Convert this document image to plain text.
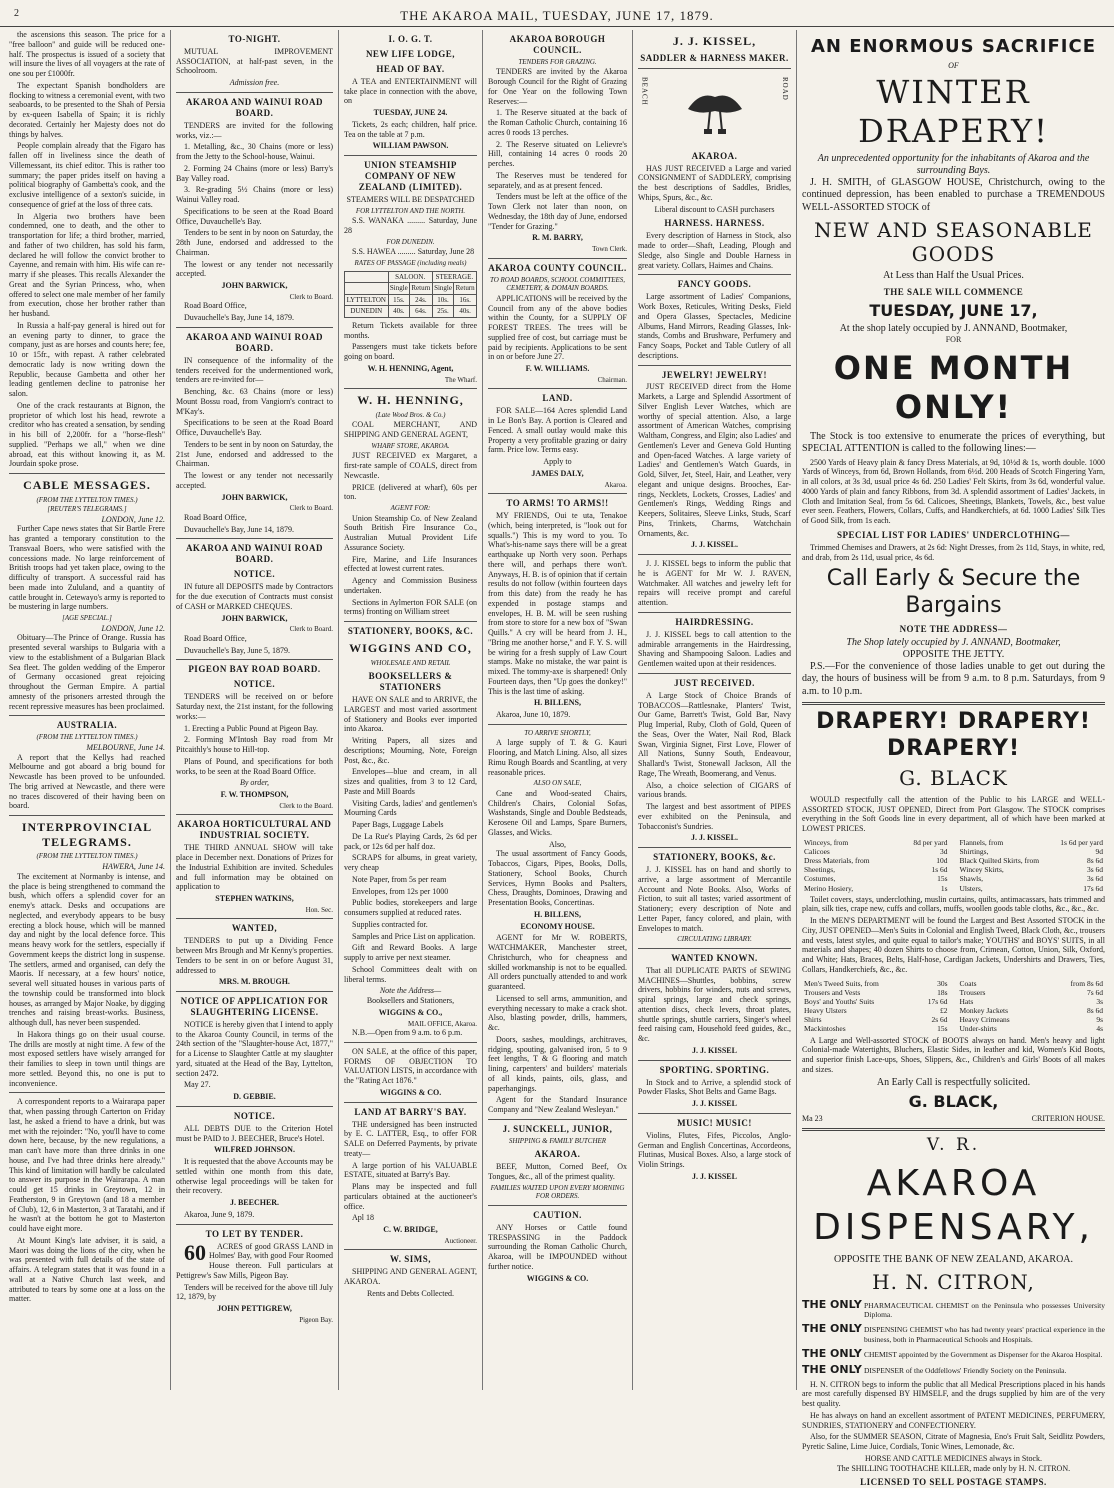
2	THE AKAROA MAIL, TUESDAY, JUNE 17, 1879.

the ascensions this season. The price for a "free balloon" and guide will be reduced one-half. The prospectus is issued of a society that will insure the lives of all voyagers at the rate of one sou per £1000fr.

The expectant Spanish bondholders are flocking to witness a ceremonial event, with two seaboards, to be presented to the Shah of Persia by ex-queen Isabella of Spain; it is richly decorated. Certainly her Majesty does not do things by halves.

People complain already that the Figaro has fallen off in liveliness since the death of Villemessant, its chief editor. This is rather too summary; the paper prides itself on having a political biography of Gambetta's cook, and the exclusive intelligence of a sexton's suicide, in consequence of grief at the loss of three cats.

In Algeria two brothers have been condemned, one to death, and the other to transportation for life; a third brother, married, and father of two children, has sold his farm, declared he will follow the convict brother to Cayenne, and remain with him. His wife can re-marry if she pleases. This recalls Alexander the Great and the Syrian Princess, who, when offered to select one male member of her family from execution, chose her brother rather than her husband.

In Russia a half-pay general is hired out for an evening party to dinner, to grace the company, just as are horses and counts here; fee, 10 or 15fr., with repast. A rather celebrated democratic lady is now writing down the Republic, because Gambetta and other her leading gentlemen decline to patronise her salon.

One of the crack restaurants at Bignon, the proprietor of which lost his head, rewrote a creditor who has created a sensation, by sending in his bill of 2,200fr. for a "horse-flesh" supplied. "Perhaps we all," when we dine abroad, eat this without knowing it, as M. Jourdain spoke prose.

CABLE MESSAGES.
(FROM THE LYTTELTON TIMES.)
[REUTER'S TELEGRAMS.]
LONDON, June 12.

Further Cape news states that Sir Bartle Frere has granted a temporary constitution to the Transvaal Boers, who were satisfied with the concessions made. No large reinforcement of British troops had yet taken place, owing to the difficulty of transport. A successful raid has been made into Zululand, and a quantity of cattle brought in. Cetewayo's army is reported to be mustering in large numbers.

[AGE SPECIAL.]
LONDON, June 12.

Obituary—The Prince of Orange. Russia has presented several warships to Bulgaria with a view to the establishment of a Bulgarian Black Sea fleet. The golden wedding of the Emperor of Germany occasioned great rejoicing throughout the German Empire. A partial amnesty of the prisoners arrested through the recent repressive measures has been proclaimed.

AUSTRALIA.
(FROM THE LYTTELTON TIMES.)
MELBOURNE, June 14.

A report that the Kellys had reached Melbourne and got aboard a brig bound for Newcastle has been proved to be unfounded. The brig arrived at Newcastle, and there were no traces discovered of their having been on board.

INTERPROVINCIAL TELEGRAMS.
(FROM THE LYTTELTON TIMES.)
HAWERA, June 14.

The excitement at Normanby is intense, and the place is being strengthened to command the bush, which offers a splendid cover for an enemy's attack. Desks and occupations are neglected, and everybody appears to be busy erecting a block house, which will be manned day and night by the local defence force. This means heavy work for the settlers, especially if Government keeps the district long in suspense. The settlers, armed and organised, can defy the Maoris. If necessary, at a few hours' notice, several well situated houses in various parts of the township could be transformed into block houses, as arranged by Major Noake, by digging trenches and raising breast-works. Business, although dull, has never been suspended.

In Hakora things go on their usual course. The drills are mostly at night time. A few of the most exposed settlers have wisely arranged for their families to sleep in town until things are more settled. Beyond this, no one is put to inconvenience.

A correspondent reports to a Wairarapa paper that, when passing through Carterton on Friday last, he asked a friend to have a drink, but was met with the rejoinder: "No, you'll have to come down here, because, by the new regulations, a man can't have more than three drinks in one house, and I've had three drinks here already." This kind of limitation will hardly be calculated to answer its purpose in the Wairarapa. A man could get 15 drinks in Greytown, 12 in Featherston, 9 in Greytown (and 18 a member of Club), 12, 6 in Masterton, 3 at Taratahi, and if he wasn't at the bottom he got to Masterton could have eight more.

At Mount King's late adviser, it is said, a Maori was doing the lions of the city, when he was presented with full details of the state of affairs. A telegram states that it was found in a wall at a Native Church last week, and attributed to tears by some one at a loss on the matter.

TO-NIGHT.

MUTUAL IMPROVEMENT ASSOCIATION, at half-past seven, in the Schoolroom.

Admission free.
AKAROA AND WAINUI ROAD BOARD.

TENDERS are invited for the following works, viz.:—

1. Metalling, &c., 30 Chains (more or less) from the Jetty to the School-house, Wainui.

2. Forming 24 Chains (more or less) Barry's Bay Valley road.

3. Re-grading 5½ Chains (more or less) Wainui Valley road.

Specifications to be seen at the Road Board Office, Duvauchelle's Bay.

Tenders to be sent in by noon on Saturday, the 28th June, endorsed and addressed to the Chairman.

The lowest or any tender not necessarily accepted.

JOHN BARWICK,
Clerk to Board.

Road Board Office,

Duvauchelle's Bay, June 14, 1879.

AKAROA AND WAINUI ROAD BOARD.

IN consequence of the informality of the tenders received for the undermentioned work, tenders are re-invited for—

Benching, &c. 63 Chains (more or less) Mount Bossu road, from Vangiorn's contract to M'Kay's.

Specifications to be seen at the Road Board Office, Duvauchelle's Bay.

Tenders to be sent in by noon on Saturday, the 21st June, endorsed and addressed to the Chairman.

The lowest or any tender not necessarily accepted.

JOHN BARWICK,
Clerk to Board.

Road Board Office,

Duvauchelle's Bay, June 14, 1879.

AKAROA AND WAINUI ROAD BOARD.
NOTICE.

IN future all DEPOSITS made by Contractors for the due execution of Contracts must consist of CASH or MARKED CHEQUES.

JOHN BARWICK,
Clerk to Board.

Road Board Office,

Duvauchelle's Bay, June 5, 1879.

PIGEON BAY ROAD BOARD.
NOTICE.

TENDERS will be received on or before Saturday next, the 21st instant, for the following works:—

1. Erecting a Public Pound at Pigeon Bay.

2. Forming M'Intosh Bay road from Mr Pitcaithly's house to Hill-top.

Plans of Pound, and specifications for both works, to be seen at the Road Board Office.

By order,
F. W. THOMPSON,
Clerk to the Board.
AKAROA HORTICULTURAL AND INDUSTRIAL SOCIETY.

THE THIRD ANNUAL SHOW will take place in December next. Donations of Prizes for the Industrial Exhibition are invited. Schedules and full information may be obtained on application to

STEPHEN WATKINS,
Hon. Sec.
WANTED,

TENDERS to put up a Dividing Fence between Mrs Brough and Mr Kenny's properties. Tenders to be sent in on or before August 31, addressed to

MRS. M. BROUGH.
NOTICE OF APPLICATION FOR SLAUGHTERING LICENSE.

NOTICE is hereby given that I intend to apply to the Akaroa County Council, in terms of the 24th section of the "Slaughter-house Act, 1877," for a License to Slaughter Cattle at my slaughter yard, situated at the Head of the Bay, Lyttelton, section 2472.

May 27.

D. GEBBIE.
NOTICE.

ALL DEBTS DUE to the Criterion Hotel must be PAID to J. BEECHER, Bruce's Hotel.

WILFRED JOHNSON.

It is requested that the above Accounts may be settled within one month from this date, otherwise legal proceedings will be taken for their recovery.

J. BEECHER.

Akaroa, June 9, 1879.

TO LET BY TENDER.

60 ACRES of good GRASS LAND in Holmes' Bay, with good Four Roomed House thereon. Full particulars at Pettigrew's Saw Mills, Pigeon Bay.

Tenders will be received for the above till July 12, 1879, by

JOHN PETTIGREW,
Pigeon Bay.
I. O. G. T.
NEW LIFE LODGE,
HEAD OF BAY.

A TEA and ENTERTAINMENT will take place in connection with the above, on

TUESDAY, JUNE 24.

Tickets, 2s each; children, half price. Tea on the table at 7 p.m.

WILLIAM PAWSON.
UNION STEAMSHIP COMPANY OF NEW ZEALAND (LIMITED).

STEAMERS WILL BE DESPATCHED

FOR LYTTELTON AND THE NORTH.

S.S. WANAKA ......... Saturday, June 28

FOR DUNEDIN.

S.S. HAWEA ......... Saturday, June 28

RATES OF PASSAGE (including meals)
	SALOON.		STEERAGE.	
	Single	Return	Single	Return
LYTTELTON	15s.	24s.	10s.	16s.
DUNEDIN	40s.	64s.	25s.	40s.

Return Tickets available for three months.

Passengers must take tickets before going on board.

W. H. HENNING, Agent,
The Wharf.
W. H. HENNING,
(Late Wood Bros. & Co.)

COAL MERCHANT, AND SHIPPING AND GENERAL AGENT,

WHARF STORE, AKAROA.

JUST RECEIVED ex Margaret, a first-rate sample of COALS, direct from Newcastle.

PRICE (delivered at wharf), 60s per ton.

AGENT FOR:

Union Steamship Co. of New Zealand South British Fire Insurance Co., Australian Mutual Provident Life Assurance Society.

Fire, Marine, and Life Insurances effected at lowest current rates.

Agency and Commission Business undertaken.

Sections in Aylmerton FOR SALE (on terms) fronting on William street

STATIONERY, BOOKS, &C.
WIGGINS AND CO,
WHOLESALE AND RETAIL
BOOKSELLERS & STATIONERS

HAVE ON SALE and to ARRIVE, the LARGEST and most varied assortment of Stationery and Books ever imported into Akaroa.

Writing Papers, all sizes and descriptions; Mourning, Note, Foreign Post, &c., &c.

Envelopes—blue and cream, in all sizes and qualities, from 3 to 12 Card, Paste and Mill Boards

Visiting Cards, ladies' and gentlemen's Mourning Cards

Paper Bags, Luggage Labels

De La Rue's Playing Cards, 2s 6d per pack, or 12s 6d per half doz.

SCRAPS for albums, in great variety, very cheap

Note Paper, from 5s per ream

Envelopes, from 12s per 1000

Public bodies, storekeepers and large consumers supplied at reduced rates.

Supplies contracted for.

Samples and Price List on application.

Gift and Reward Books. A large supply to arrive per next steamer.

School Committees dealt with on liberal terms.

Note the Address—
Booksellers and Stationers,
WIGGINS & CO.,
MAIL OFFICE, Akaroa.

N.B.—Open from 9 a.m. to 6 p.m.

ON SALE, at the office of this paper, FORMS OF OBJECTION TO VALUATION LISTS, in accordance with the "Rating Act 1876."

WIGGINS & CO.
LAND AT BARRY'S BAY.

THE undersigned has been instructed by E. C. LATTER, Esq., to offer FOR SALE on Deferred Payments, by private treaty—

A large portion of his VALUABLE ESTATE, situated at Barry's Bay.

Plans may be inspected and full particulars obtained at the auctioneer's office.

Apl 18

C. W. BRIDGE,
Auctioneer.
W. SIMS,

SHIPPING AND GENERAL AGENT, AKAROA.

Rents and Debts Collected.
AKAROA BOROUGH COUNCIL.
TENDERS FOR GRAZING.

TENDERS are invited by the Akaroa Borough Council for the Right of Grazing for One Year on the following Town Reserves:—

1. The Reserve situated at the back of the Roman Catholic Church, containing 16 acres 0 roods 13 perches.

2. The Reserve situated on Lelievre's Hill, containing 14 acres 0 roods 20 perches.

The Reserves must be tendered for separately, and as at present fenced.

Tenders must be left at the office of the Town Clerk not later than noon, on Wednesday, the 18th day of June, endorsed "Tender for Grazing."

R. M. BARRY,
Town Clerk.
AKAROA COUNTY COUNCIL.
TO ROAD BOARDS, SCHOOL COMMITTEES, CEMETERY, & DOMAIN BOARDS.

APPLICATIONS will be received by the Council from any of the above bodies within the County, for a SUPPLY OF FOREST TREES. The trees will be supplied free of cost, but carriage must be paid by recipients. Applications to be sent in on or before June 27.

F. W. WILLIAMS.
Chairman.
LAND.

FOR SALE—164 Acres splendid Land in Le Bon's Bay. A portion is Cleared and Fenced. A small outlay would make this Property a very profitable grazing or dairy farm. Price low. Terms easy.

Apply to
JAMES DALY,
Akaroa.
TO ARMS! TO ARMS!!

MY FRIENDS, Oui te uta, Tenakoe (which, being interpreted, is "look out for squalls.") This is my word to you. To What's-his-name says there will be a great earthquake up North very soon. Perhaps there will, and perhaps there won't. Anyways, H. B. is of opinion that if certain results do not follow (within fourteen days from this date) from the ready he has expended in postage stamps and envelopes, H. B. M. will be seen rushing from store to store for a new box of "Swan Quills." A cry will be heard from J. H., "Bring me another horse," and F. Y. S. will be wiring for a fresh supply of Law Court stamps. Make no mistake, the war paint is mixed. The tommy-axe is sharpened! Only Fourteen days, then "Up goes the donkey!" This is the last time of asking.

H. BILLENS,

Akaroa, June 10, 1879.

TO ARRIVE SHORTLY,

A large supply of T. & G. Kauri Flooring, and Match Lining. Also, all sizes Rimu Rough Boards and Scantling, at very reasonable prices.

ALSO ON SALE,

Cane and Wood-seated Chairs, Children's Chairs, Colonial Sofas, Washstands, Single and Double Bedsteads, Kerosene Oil and Lamps, Spare Burners, Glasses, and Wicks.

Also,

The usual assortment of Fancy Goods, Tobaccos, Cigars, Pipes, Books, Dolls, Stationery, School Books, Church Services, Hymn Books and Psalters, Chess, Draughts, Dominoes, Drawing and Presentation Books, Concertinas.

H. BILLENS,
ECONOMY HOUSE.

AGENT for Mr W. ROBERTS, WATCHMAKER, Manchester street, Christchurch, who for cheapness and skilled workmanship is not to be equalled. All orders punctually attended to and work guaranteed.

Licensed to sell arms, ammunition, and everything necessary to make a crack shot. Also, blasting powder, drills, hammers, &c.

Doors, sashes, mouldings, architraves, ridging, spouting, galvanised iron, 5 to 9 feet lengths, T & G flooring and match lining, carpenters' and builders' materials of all kinds, paints, oils, glass, and paperhangings.

Agent for the Standard Insurance Company and "New Zealand Wesleyan."

J. SUNCKELL, JUNIOR,
SHIPPING & FAMILY BUTCHER
AKAROA.

BEEF, Mutton, Corned Beef, Ox Tongues, &c., all of the primest quality.

FAMILIES WAITED UPON EVERY MORNING FOR ORDERS.
CAUTION.

ANY Horses or Cattle found TRESPASSING in the Paddock surrounding the Roman Catholic Church, Akaroa, will be IMPOUNDED without further notice.

WIGGINS & CO.
J. J. KISSEL,
SADDLER & HARNESS MAKER.
BEACH	ROAD
AKAROA.

HAS JUST RECEIVED a Large and varied CONSIGNMENT of SADDLERY, comprising the best descriptions of Saddles, Bridles, Whips, Spurs, &c., &c.

Liberal discount to CASH purchasers
HARNESS. HARNESS.

Every description of Harness in Stock, also made to order—Shaft, Leading, Plough and Sledge, also Single and Double Harness in great variety. Collars, Haimes and Chains.

FANCY GOODS.

Large assortment of Ladies' Companions, Work Boxes, Reticules, Writing Desks, Field and Opera Glasses, Spectacles, Medicine Albums, Hand Mirrors, Reading Glasses, Ink-stands, Combs and Brushware, Perfumery and Fancy Soaps, Pocket and Table Cutlery of all descriptions.

JEWELRY! JEWELRY!

JUST RECEIVED direct from the Home Markets, a Large and Splendid Assortment of Silver English Lever Watches, which are worthy of special attention. Also, a large assortment of American Watches, comprising Waltham, Congress, and Elgin; also Ladies' and Gentlemen's Lever and Geneva Gold Hunting and Open-faced Watches. A large variety of Ladies' and Gentlemen's Watch Guards, in Gold, Silver, Jet, Steel, Hair, and Leather, very elegant and unique designs. Brooches, Ear-rings, Necklets, Lockets, Crosses, Ladies' and Gentlemen's Rings, Wedding Rings and Keepers, Solitaires, Sleeve Links, Studs, Scarf Pins, Trinkets, Charms, Watchchain Ornaments, &c.

J. J. KISSEL.

J. J. KISSEL begs to inform the public that he is AGENT for Mr W. J. RAVEN, Watchmaker. All watches and jewelry left for repairs will receive prompt and careful attention.

HAIRDRESSING.

J. J. KISSEL begs to call attention to the admirable arrangements in the Hairdressing, Shaving and Shampooing Saloon. Ladies and Gentlemen waited upon at their residences.

JUST RECEIVED.

A Large Stock of Choice Brands of TOBACCOS—Rattlesnake, Planters' Twist, Our Game, Barrett's Twist, Gold Bar, Navy Plug Imperial, Ruby, Cloth of Gold, Queen of the Seas, Over the Water, Nail Rod, Black Swan, Virginia Signet, First Love, Flower of All Nations, Sunny South, Endeavour, Shallard's Twist, Stonewall Jackson, All the Rage, The Wreath, Boomerang, and Venus.

Also, a choice selection of CIGARS of various brands.

The largest and best assortment of PIPES ever exhibited on the Peninsula, and Tobacconist's Sundries.

J. J. KISSEL.
STATIONERY, BOOKS, &c.

J. J. KISSEL has on hand and shortly to arrive, a large assortment of Mercantile Account and Note Books. Also, Works of Fiction, to suit all tastes; varied assortment of Stationery; every description of Note and Letter Paper, fancy colored, and plain, with Envelopes to match.

CIRCULATING LIBRARY.
WANTED KNOWN.

That all DUPLICATE PARTS of SEWING MACHINES—Shuttles, bobbins, screw drivers, hobbins for winders, nuts and screws, spiral springs, large and check springs, attention discs, check levers, throat plates, shuttle springs, shuttle carriers, Singer's wheel feed raising cam, Household feed guides, &c., &c.

J. J. KISSEL
SPORTING. SPORTING.

In Stock and to Arrive, a splendid stock of Powder Flasks, Shot Belts and Game Bags.

J. J. KISSEL
MUSIC! MUSIC!

Violins, Flutes, Fifes, Piccolos, Anglo-German and English Concertinas, Accordeons, Flutinas, Musical Boxes. Also, a large stock of Violin Strings.

J. J. KISSEL
AN ENORMOUS SACRIFICE
OF
WINTER DRAPERY!
An unprecedented opportunity for the inhabitants of Akaroa and the surrounding Bays.

J. H. SMITH, of GLASGOW HOUSE, Christchurch, owing to the continued depression, has been enabled to purchase a TREMENDOUS WELL-ASSORTED STOCK of

NEW AND SEASONABLE GOODS
At Less than Half the Usual Prices.
THE SALE WILL COMMENCE
TUESDAY, JUNE 17,
At the shop lately occupied by J. ANNAND, Bootmaker,
FOR
ONE MONTH ONLY!

The Stock is too extensive to enumerate the prices of everything, but SPECIAL ATTENTION is called to the following lines:—

2500 Yards of Heavy plain & fancy Dress Materials, at 9d, 10½d & 1s, worth double. 1000 Yards of Winceys, from 6d, Brown Hollands, from 6½d. 200 Heads of Scotch Fingering Yarn, in all colors, at 3s 3d, usual price 4s 6d. 250 Ladies' Felt Skirts, from 3s 6d, wonderful value. 4000 Yards of plain and fancy Ribbons, from 3d. A splendid assortment of Ladies' Jackets, in Cloth and Imitation Seal, from 5s 6d. Calicoes, Sheetings, Blankets, Towels, &c., best value ever seen. Feathers, Flowers, Collars, Cuffs, and Handkerchiefs, at 6d. 1000 Ladies' Silk Ties of Good Silk, from 1s each.

SPECIAL LIST FOR LADIES' UNDERCLOTHING—

Trimmed Chemises and Drawers, at 2s 6d: Night Dresses, from 2s 11d, Stays, in white, red, and drab, from 2s 11d, usual price, 4s 6d.

Call Early & Secure the Bargains
NOTE THE ADDRESS—
The Shop lately occupied by J. ANNAND, Bootmaker,
OPPOSITE THE JETTY.

P.S.—For the convenience of those ladies unable to get out during the day, the hours of business will be from 9 a.m. to 8 p.m. Saturdays, from 9 a.m. to 10 p.m.

DRAPERY! DRAPERY! DRAPERY!
G. BLACK

WOULD respectfully call the attention of the Public to his LARGE and WELL-ASSORTED STOCK, JUST OPENED, Direct from Port Glasgow. The STOCK comprises everything in the Soft Goods line in every department, all of which have been marked at LOWEST PRICES.

Winceys, from	8d per yard
Calicoes	3d
Dress Materials, from	10d
Sheetings,	1s 6d
Costumes,	15s
Merino Hosiery,	1s
Flannels, from	1s 6d per yard
Shirtings,	9d
Black Quilted Skirts, from	8s 6d
Wincey Skirts,	3s 6d
Shawls,	3s 6d
Ulsters,	17s 6d

Toilet covers, stays, underclothing, muslin curtains, quilts, antimacassars, hats trimmed and plain, silk ties, crape new, cuffs and collars, muffs, woollen goods table cloths, &c., &c., &c.

In the MEN'S DEPARTMENT will be found the Largest and Best Assorted STOCK in the City, JUST OPENED—Men's Suits in Colonial and English Tweed, Black Cloth, &c., trousers and vests, latest styles, and quite equal to tailor's make; YOUTHS' and BOYS' SUITS, in all materials and shapes; 40 dozen Shirts to choose from, Crimean, Cotton, Union, Silk, Oxford, and White; Hats, Braces, Belts, Half-hose, Cardigan Jackets, Undershirts and Drawers, Ties, Collars, Handkerchiefs, &c., &c.

Men's Tweed Suits, from	30s
Trousers and Vests	18s
Boys' and Youths' Suits	17s 6d
Heavy Ulsters	£2
Shirts	2s 6d
Mackintoshes	15s
Coats	from 8s 6d
Trousers	7s 6d
Hats	3s
Monkey Jackets	8s 6d
Heavy Crimeans	9s
Under-shirts	4s

A Large and Well-assorted STOCK of BOOTS always on hand. Men's heavy and light Colonial-made Watertights, Bluchers, Elastic Sides, in leather and kid, Women's Kid Boots, and superior finish Lace-ups, Shoes, Slippers, &c., Children's and Girls' Boots of all makes and sizes.

An Early Call is respectfully solicited.
G. BLACK,
Ma 23	CRITERION HOUSE.
V. R.
AKAROA DISPENSARY,
OPPOSITE THE BANK OF NEW ZEALAND, AKAROA.
H. N. CITRON,
THE ONLY PHARMACEUTICAL CHEMIST on the Peninsula who possesses University Diploma.
THE ONLY DISPENSING CHEMIST who has had twenty years' practical experience in the business, both in Pharmaceutical Schools and Hospitals.
THE ONLY CHEMIST appointed by the Government as Dispenser for the Akaroa Hospital.
THE ONLY DISPENSER of the Oddfellows' Friendly Society on the Peninsula.

H. N. CITRON begs to inform the public that all Medical Prescriptions placed in his hands are most carefully dispensed BY HIMSELF, and the drugs supplied by him are of the very best quality.

He has always on hand an excellent assortment of PATENT MEDICINES, PERFUMERY, SUNDRIES, STATIONERY and CONFECTIONERY.

Also, for the SUMMER SEASON, Citrate of Magnesia, Eno's Fruit Salt, Seidlitz Powders, Pyretic Saline, Lime Juice, Cordials, Tonic Wines, Lemonade, &c.

HORSE AND CATTLE MEDICINES always in Stock.
The SHILLING TOOTHACHE KILLER, made only by H. N. CITRON.
LICENSED TO SELL POSTAGE STAMPS.
